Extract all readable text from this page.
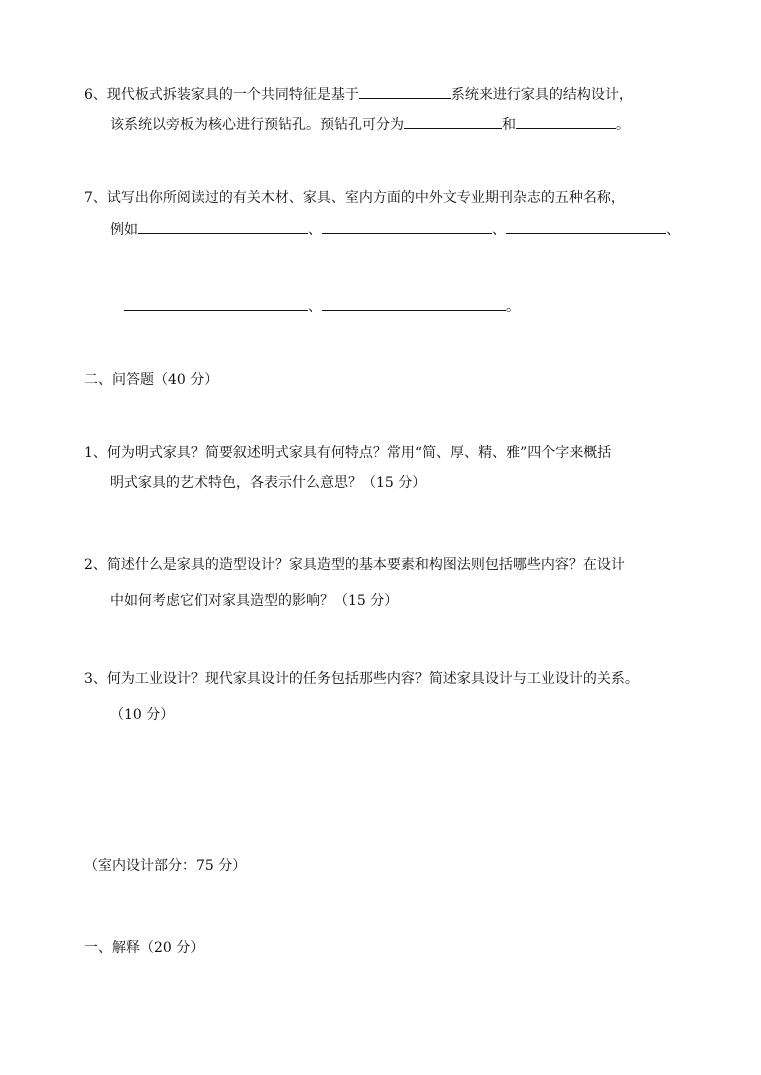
6、现代板式拆装家具的一个共同特征是基于	系统来进行家具的结构设计，
该系统以旁板为核心进行预钻孔。预钻孔可分为	和	。
7、试写出你所阅读过的有关木材、家具、室内方面的中外文专业期刊杂志的五种名称，
例如	、	、	、
、	。
二、问答题（40 分）
1、何为明式家具？简要叙述明式家具有何特点？常用“简、厚、精、雅”四个字来概括
明式家具的艺术特色，各表示什么意思？（15 分）
2、简述什么是家具的造型设计？家具造型的基本要素和构图法则包括哪些内容？在设计
中如何考虑它们对家具造型的影响？（15 分）
3、何为工业设计？现代家具设计的任务包括那些内容？简述家具设计与工业设计的关系。
（10 分）
（室内设计部分：75 分）
一、解释（20 分）
